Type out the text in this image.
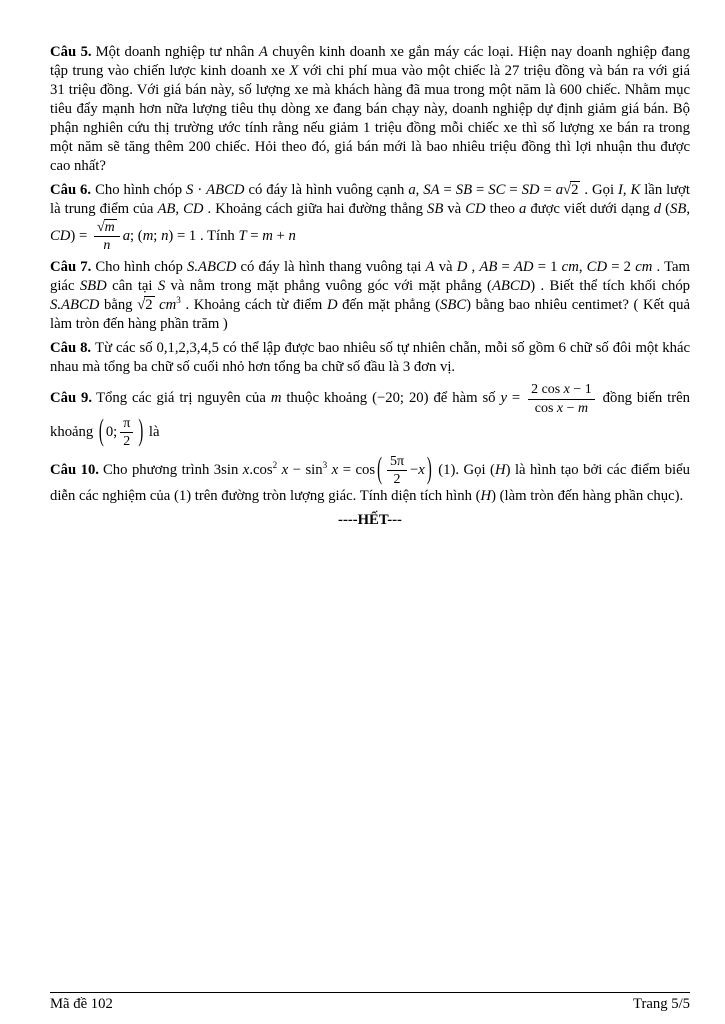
Câu 5. Một doanh nghiệp tư nhân A chuyên kinh doanh xe gắn máy các loại. Hiện nay doanh nghiệp đang tập trung vào chiến lược kinh doanh xe X với chi phí mua vào một chiếc là 27 triệu đồng và bán ra với giá 31 triệu đồng. Với giá bán này, số lượng xe mà khách hàng đã mua trong một năm là 600 chiếc. Nhằm mục tiêu đẩy mạnh hơn nữa lượng tiêu thụ dòng xe đang bán chạy này, doanh nghiệp dự định giảm giá bán. Bộ phận nghiên cứu thị trường ước tính rằng nếu giảm 1 triệu đồng mỗi chiếc xe thì số lượng xe bán ra trong một năm sẽ tăng thêm 200 chiếc. Hỏi theo đó, giá bán mới là bao nhiêu triệu đồng thì lợi nhuận thu được cao nhất?

Câu 6. Cho hình chóp S · ABCD có đáy là hình vuông cạnh a, SA = SB = SC = SD = a√2 . Gọi I, K lần lượt là trung điểm của AB, CD . Khoảng cách giữa hai đường thẳng SB và CD theo a được viết dưới dạng d (SB, $CD) = \frac{√m}{n} a$; (m; n) = 1 . Tính T = m + n

Câu 7. Cho hình chóp S.ABCD có đáy là hình thang vuông tại A và D , AB = AD = 1 cm, CD = 2 cm . Tam giác SBD cân tại S và nằm trong mặt phẳng vuông góc với mặt phẳng (ABCD) . Biết thể tích khối chóp S.ABCD bằng √2 $cm^3$ . Khoảng cách từ điểm D đến mặt phẳng (SBC) bằng bao nhiêu centimet? ( Kết quả làm tròn đến hàng phần trăm )

Câu 8. Từ các số 0,1,2,3,4,5 có thể lập được bao nhiêu số tự nhiên chẵn, mỗi số gồm 6 chữ số đôi một khác nhau mà tổng ba chữ số cuối nhỏ hơn tổng ba chữ số đầu là 3 đơn vị.

Câu 9. Tổng các giá trị nguyên của m thuộc khoảng (−20; 20) để hàm số $y = \frac{\text{2 cos x − 1}}{\text{cos x − m}}$ đồng biến trên khoảng ( 0; $\frac{\pi}{2}$ ) là

Câu 10. Cho phương trình 3sin $x.\cos^2$ $x - \sin^3 x = \cos$ ( $\frac{5\pi}{2} - x$ ) (1). Gọi (H) là hình tạo bởi các điểm biểu diễn các nghiệm của (1) trên đường tròn lượng giác. Tính diện tích hình (H) (làm tròn đến hàng phần chục).

----HẾT---
Mã đề 102	Trang 5/5
